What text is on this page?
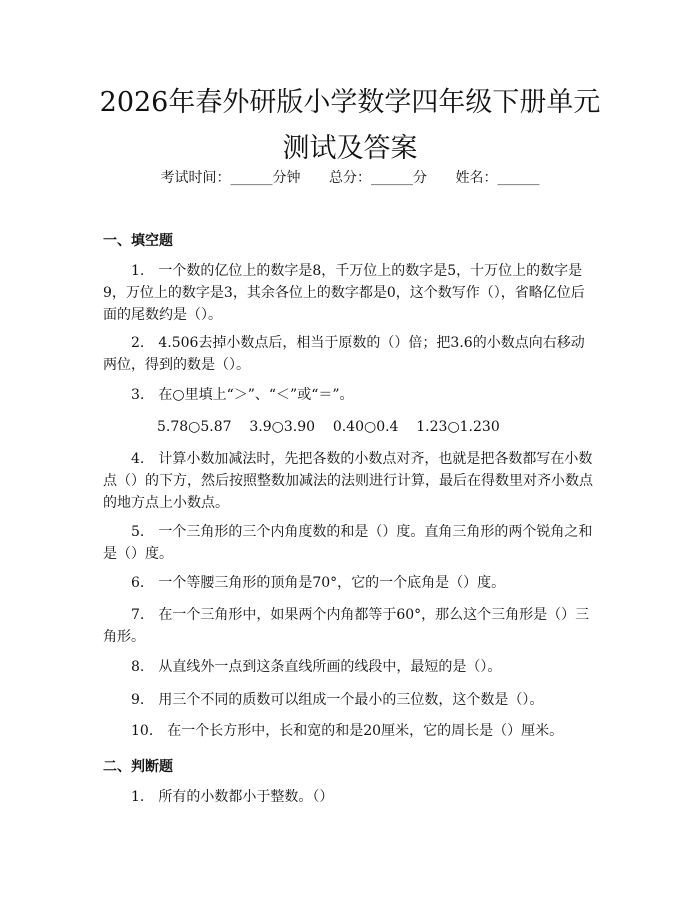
2026年春外研版小学数学四年级下册单元测试及答案
考试时间：______分钟 总分：______分 姓名：______
一、填空题
1.　一个数的亿位上的数字是8，千万位上的数字是5，十万位上的数字是9，万位上的数字是3，其余各位上的数字都是0，这个数写作（），省略亿位后面的尾数约是（）。
2.　4.506去掉小数点后，相当于原数的（）倍；把3.6的小数点向右移动两位，得到的数是（）。
3.　在○里填上“＞”、“＜”或“＝”。
5.78○5.87    3.9○3.90    0.40○0.4    1.23○1.230
4.　计算小数加减法时，先把各数的小数点对齐，也就是把各数都写在小数点（）的下方，然后按照整数加减法的法则进行计算，最后在得数里对齐小数点的地方点上小数点。
5.　一个三角形的三个内角度数的和是（）度。直角三角形的两个锐角之和是（）度。
6.　一个等腰三角形的顶角是70°，它的一个底角是（）度。
7.　在一个三角形中，如果两个内角都等于60°，那么这个三角形是（）三角形。
8.　从直线外一点到这条直线所画的线段中，最短的是（）。
9.　用三个不同的质数可以组成一个最小的三位数，这个数是（）。
10.　在一个长方形中，长和宽的和是20厘米，它的周长是（）厘米。
二、判断题
1.　所有的小数都小于整数。（）
